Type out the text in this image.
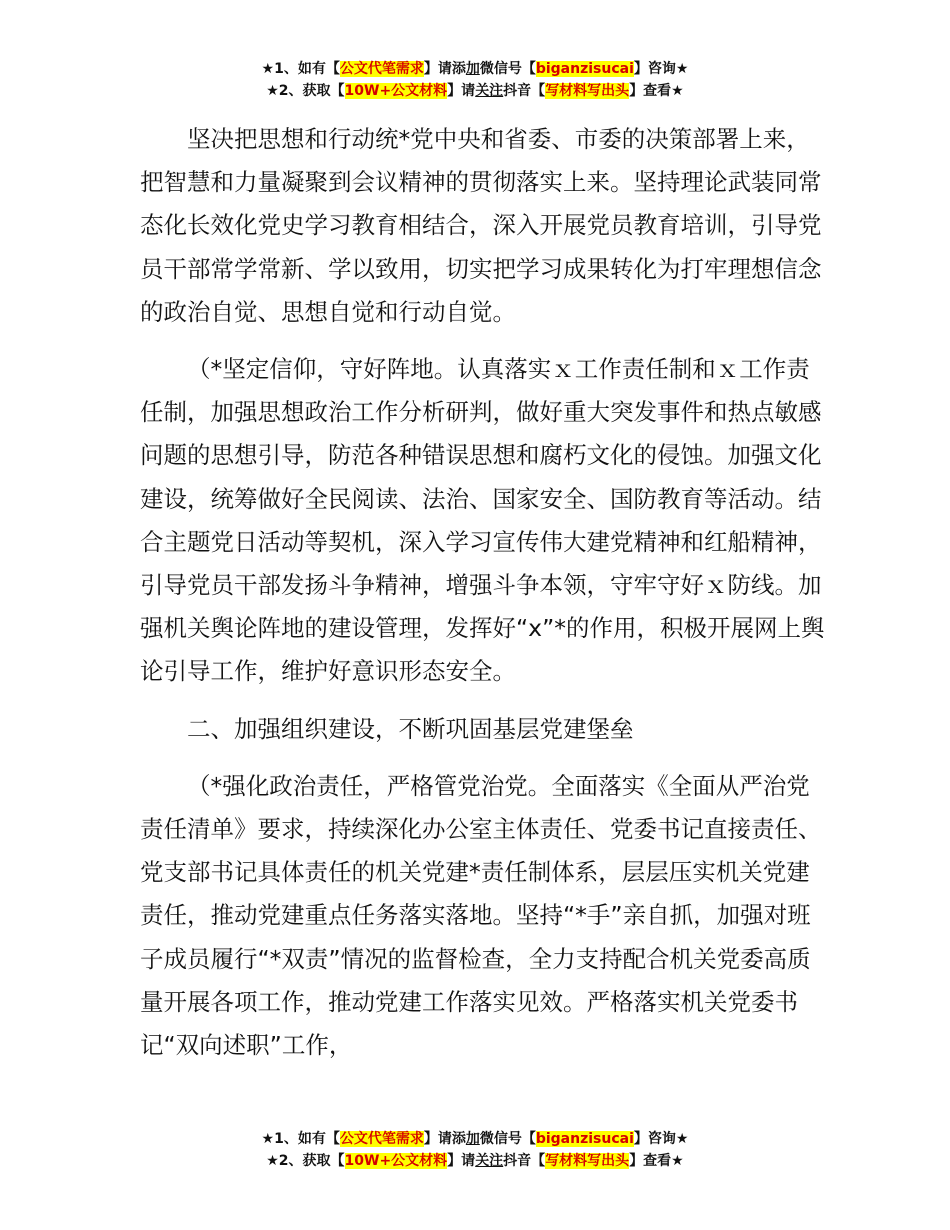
★1、如有【公文代笔需求】请添加微信号【biganzisucai】咨询★
★2、获取【10W+公文材料】请关注抖音【写材料写出头】查看★

坚决把思想和行动统*党中央和省委、市委的决策部署上来，把智慧和力量凝聚到会议精神的贯彻落实上来。坚持理论武装同常态化长效化党史学习教育相结合，深入开展党员教育培训，引导党员干部常学常新、学以致用，切实把学习成果转化为打牢理想信念的政治自觉、思想自觉和行动自觉。

（*坚定信仰，守好阵地。认真落实ｘ工作责任制和ｘ工作责任制，加强思想政治工作分析研判，做好重大突发事件和热点敏感问题的思想引导，防范各种错误思想和腐朽文化的侵蚀。加强文化建设，统筹做好全民阅读、法治、国家安全、国防教育等活动。结合主题党日活动等契机，深入学习宣传伟大建党精神和红船精神，引导党员干部发扬斗争精神，增强斗争本领，守牢守好ｘ防线。加强机关舆论阵地的建设管理，发挥好“x”*的作用，积极开展网上舆论引导工作，维护好意识形态安全。

二、加强组织建设，不断巩固基层党建堡垒

（*强化政治责任，严格管党治党。全面落实《全面从严治党责任清单》要求，持续深化办公室主体责任、党委书记直接责任、党支部书记具体责任的机关党建*责任制体系，层层压实机关党建责任，推动党建重点任务落实落地。坚持“*手”亲自抓，加强对班子成员履行“*双责”情况的监督检查，全力支持配合机关党委高质量开展各项工作，推动党建工作落实见效。严格落实机关党委书记“双向述职”工作，

★1、如有【公文代笔需求】请添加微信号【biganzisucai】咨询★
★2、获取【10W+公文材料】请关注抖音【写材料写出头】查看★
